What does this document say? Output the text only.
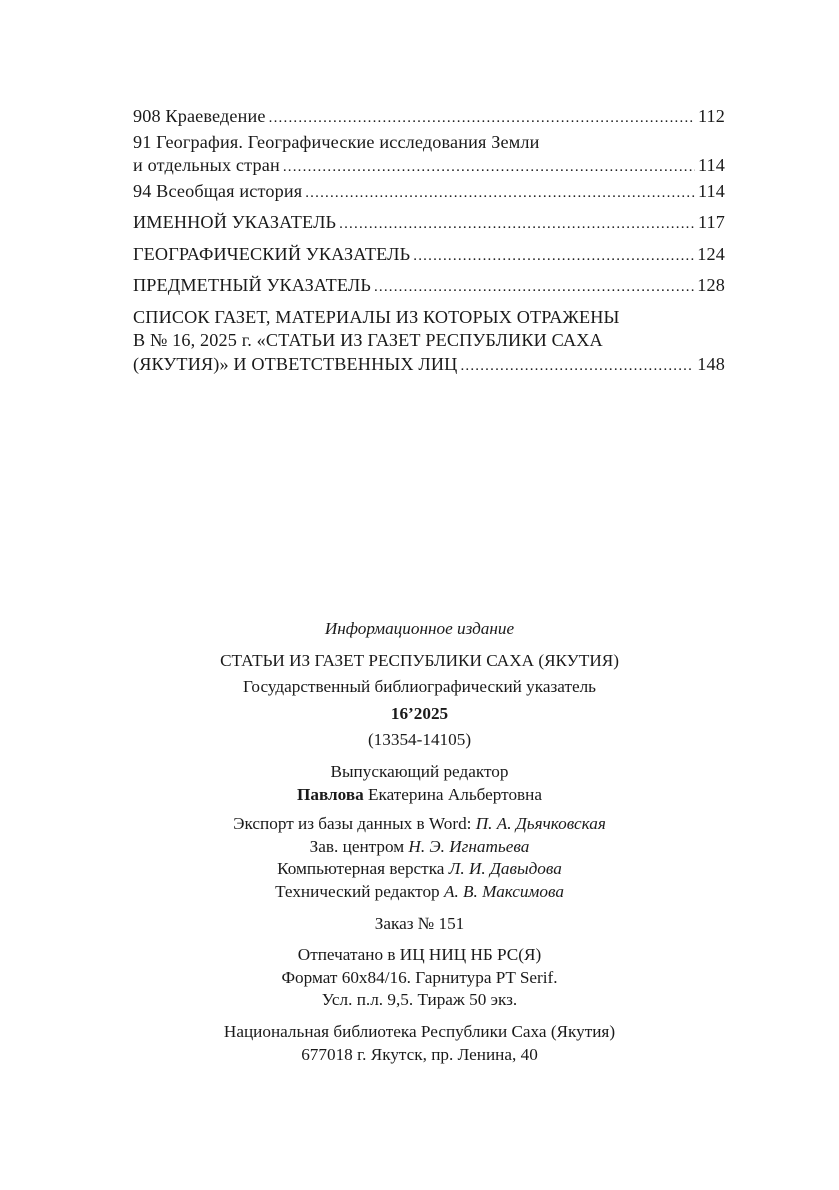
908 Краеведение .....	112
91 География. Географические исследования Земли
и отдельных стран .....	114
94 Всеобщая история .....	114
ИМЕННОЙ УКАЗАТЕЛЬ .....	117
ГЕОГРАФИЧЕСКИЙ УКАЗАТЕЛЬ .....	124
ПРЕДМЕТНЫЙ УКАЗАТЕЛЬ .....	128
СПИСОК ГАЗЕТ, МАТЕРИАЛЫ ИЗ КОТОРЫХ ОТРАЖЕНЫ
В № 16, 2025 г. «СТАТЬИ ИЗ ГАЗЕТ РЕСПУБЛИКИ САХА
(ЯКУТИЯ)» И ОТВЕТСТВЕННЫХ ЛИЦ .....	148

Информационное издание

СТАТЬИ ИЗ ГАЗЕТ РЕСПУБЛИКИ САХА (ЯКУТИЯ)

Государственный библиографический указатель

16’2025

(13354-14105)

Выпускающий редактор

Павлова Екатерина Альбертовна

Экспорт из базы данных в Word: П. А. Дьячковская

Зав. центром Н. Э. Игнатьева

Компьютерная верстка Л. И. Давыдова

Технический редактор А. В. Максимова

Заказ № 151

Отпечатано в ИЦ НИЦ НБ РС(Я)

Формат 60х84/16. Гарнитура PT Serif.

Усл. п.л. 9,5. Тираж 50 экз.

Национальная библиотека Республики Саха (Якутия)

677018 г. Якутск, пр. Ленина, 40
